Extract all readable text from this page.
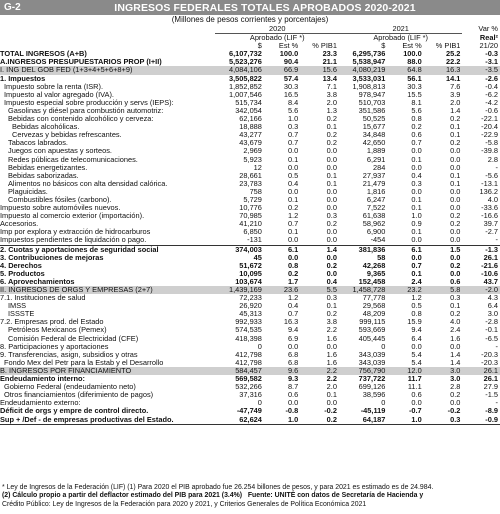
G-2	INGRESOS FEDERALES TOTALES APROBADOS 2020-2021
(Millones de pesos corrientes y porcentajes)
	2020			2021			Var %
	Aprobado (LIF *)			Aprobado (LIF *)			Real²
	$	Est %	% PIB1	$	Est %	% PIB1	21/20
TOTAL INGRESOS (A+B)	6,107,732	100.0	23.3	6,295,736	100.0	25.2	-0.3
A.INGRESOS PRESUPUESTARIOS PROP (I+II)	5,523,276	90.4	21.1	5,538,947	88.0	22.2	-3.1
I. ING DEL GOB FED (1+3+4+5+6+8+9)	4,084,106	66.9	15.6	4,080,219	64.8	16.3	-3.5
1. Impuestos	3,505,822	57.4	13.4	3,533,031	56.1	14.1	-2.6
Impuesto sobre la renta (ISR).	1,852,852	30.3	7.1	1,908,813	30.3	7.6	-0.4
Impuesto al valor agregado (IVA).	1,007,546	16.5	3.8	978,947	15.5	3.9	-6.2
Impuesto especial sobre producción y servs (IEPS):	515,734	8.4	2.0	510,703	8.1	2.0	-4.2
Gasolinas y diésel para combustión automotriz:	342,054	5.6	1.3	351,586	5.6	1.4	-0.6
Bebidas con contenido alcohólico y cerveza:	62,166	1.0	0.2	50,525	0.8	0.2	-22.1
Bebidas alcohólicas.	18,888	0.3	0.1	15,677	0.2	0.1	-20.4
Cervezas y bebidas refrescantes.	43,277	0.7	0.2	34,848	0.6	0.1	-22.9
Tabacos labrados.	43,679	0.7	0.2	42,650	0.7	0.2	-5.8
Juegos con apuestas y sorteos.	2,969	0.0	0.0	1,889	0.0	0.0	-39.8
Redes públicas de telecomunicaciones.	5,923	0.1	0.0	6,291	0.1	0.0	2.8
Bebidas energetizantes.	12	0.0	0.0	284	0.0	0.0	-
Bebidas saborizadas.	28,661	0.5	0.1	27,937	0.4	0.1	-5.6
Alimentos no básicos con alta densidad calórica.	23,783	0.4	0.1	21,479	0.3	0.1	-13.1
Plaguicidas.	758	0.0	0.0	1,816	0.0	0.0	136.2
Combustibles fósiles (carbono).	5,729	0.1	0.0	6,247	0.1	0.0	4.0
Impuesto sobre automóviles nuevos.	10,776	0.2	0.0	7,522	0.1	0.0	-33.6
Impuesto al comercio exterior (importación).	70,985	1.2	0.3	61,638	1.0	0.2	-16.6
Accesorios.	41,210	0.7	0.2	58,962	0.9	0.2	39.7
Imp por explora y extracción de hidrocarburos	6,850	0.1	0.0	6,900	0.1	0.0	-2.7
Impuestos pendientes de liquidación o pago.	-131	0.0	0.0	-454	0.0	0.0	-
2. Cuotas y aportaciones de seguridad social	374,003	6.1	1.4	381,836	6.1	1.5	-1.3
3. Contribuciones de mejoras	45	0.0	0.0	58	0.0	0.0	26.1
4. Derechos	51,672	0.8	0.2	42,268	0.7	0.2	-21.6
5. Productos	10,095	0.2	0.0	9,365	0.1	0.0	-10.6
6. Aprovechamientos	103,674	1.7	0.4	152,458	2.4	0.6	43.7
II. INGRESOS DE ORGS Y EMPRESAS (2+7)	1,439,169	23.6	5.5	1,458,728	23.2	5.8	-2.0
7.1. Instituciones de salud	72,233	1.2	0.3	77,778	1.2	0.3	4.3
IMSS	26,920	0.4	0.1	29,568	0.5	0.1	6.4
ISSSTE	45,313	0.7	0.2	48,209	0.8	0.2	3.0
7.2. Empresas prod. del Estado	992,933	16.3	3.8	999,115	15.9	4.0	-2.8
Petróleos Mexicanos (Pemex)	574,535	9.4	2.2	593,669	9.4	2.4	-0.1
Comisión Federal de Electricidad (CFE)	418,398	6.9	1.6	405,445	6.4	1.6	-6.5
8. Participaciones y aportaciones	0	0.0	0.0	0	0.0	0.0	-
9. Transferencias, asign, subsidios y otras	412,798	6.8	1.6	343,039	5.4	1.4	-20.3
Fondo Mex del Petr para la Estab y el Desarrollo	412,798	6.8	1.6	343,039	5.4	1.4	-20.3
B. INGRESOS POR FINANCIAMIENTO	584,457	9.6	2.2	756,790	12.0	3.0	26.1
Endeudamiento interno:	569,582	9.3	2.2	737,722	11.7	3.0	26.1
Gobierno Federal (endeudamiento neto)	532,266	8.7	2.0	699,126	11.1	2.8	27.9
Otros financiamientos (diferimiento de pagos)	37,316	0.6	0.1	38,596	0.6	0.2	-1.5
Endeudamiento externo:	0	0.0	0.0	0	0.0	0.0	-
Déficit de orgs y empre de control directo.	-47,749	-0.8	-0.2	-45,119	-0.7	-0.2	-8.9
Sup + /Def - de empresas productivas del Estado.	62,624	1.0	0.2	64,187	1.0	0.3	-0.9
* Ley de Ingresos de la Federación (LIF) (1) Para 2020 el PIB aprobado fue 26.254 billones de pesos, y para 2021 es estimado es de 24.984.
(2) Cálculo propio a partir del deflactor estimado del PIB para 2021 (3.4%) Fuente: UNITÉ con datos de Secretaría de Hacienda y
Crédito Público: Ley de Ingresos de la Federación para 2020 y 2021, y Criterios Generales de Política Económica 2021
